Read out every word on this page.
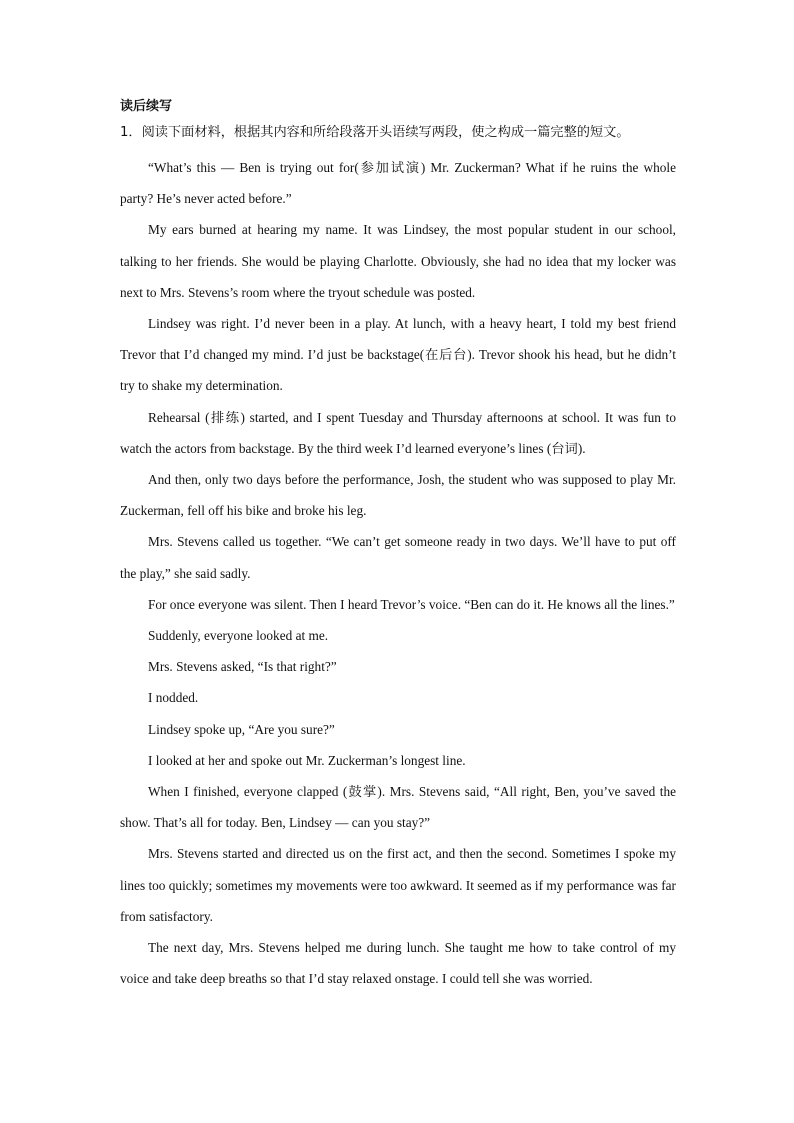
读后续写
1．阅读下面材料，根据其内容和所给段落开头语续写两段，使之构成一篇完整的短文。

“What’s this — Ben is trying out for(参加试演) Mr. Zuckerman? What if he ruins the whole party? He’s never acted before.”

My ears burned at hearing my name. It was Lindsey, the most popular student in our school, talking to her friends. She would be playing Charlotte. Obviously, she had no idea that my locker was next to Mrs. Stevens’s room where the tryout schedule was posted.

Lindsey was right. I’d never been in a play. At lunch, with a heavy heart, I told my best friend Trevor that I’d changed my mind. I’d just be backstage(在后台). Trevor shook his head, but he didn’t try to shake my determination.

Rehearsal (排练) started, and I spent Tuesday and Thursday afternoons at school. It was fun to watch the actors from backstage. By the third week I’d learned everyone’s lines (台词).

And then, only two days before the performance, Josh, the student who was supposed to play Mr. Zuckerman, fell off his bike and broke his leg.

Mrs. Stevens called us together. “We can’t get someone ready in two days. We’ll have to put off the play,” she said sadly.

For once everyone was silent. Then I heard Trevor’s voice. “Ben can do it. He knows all the lines.”

Suddenly, everyone looked at me.

Mrs. Stevens asked, “Is that right?”

I nodded.

Lindsey spoke up, “Are you sure?”

I looked at her and spoke out Mr. Zuckerman’s longest line.

When I finished, everyone clapped (鼓掌). Mrs. Stevens said, “All right, Ben, you’ve saved the show. That’s all for today. Ben, Lindsey — can you stay?”

Mrs. Stevens started and directed us on the first act, and then the second. Sometimes I spoke my lines too quickly; sometimes my movements were too awkward. It seemed as if my performance was far from satisfactory.

The next day, Mrs. Stevens helped me during lunch. She taught me how to take control of my voice and take deep breaths so that I’d stay relaxed onstage. I could tell she was worried.
